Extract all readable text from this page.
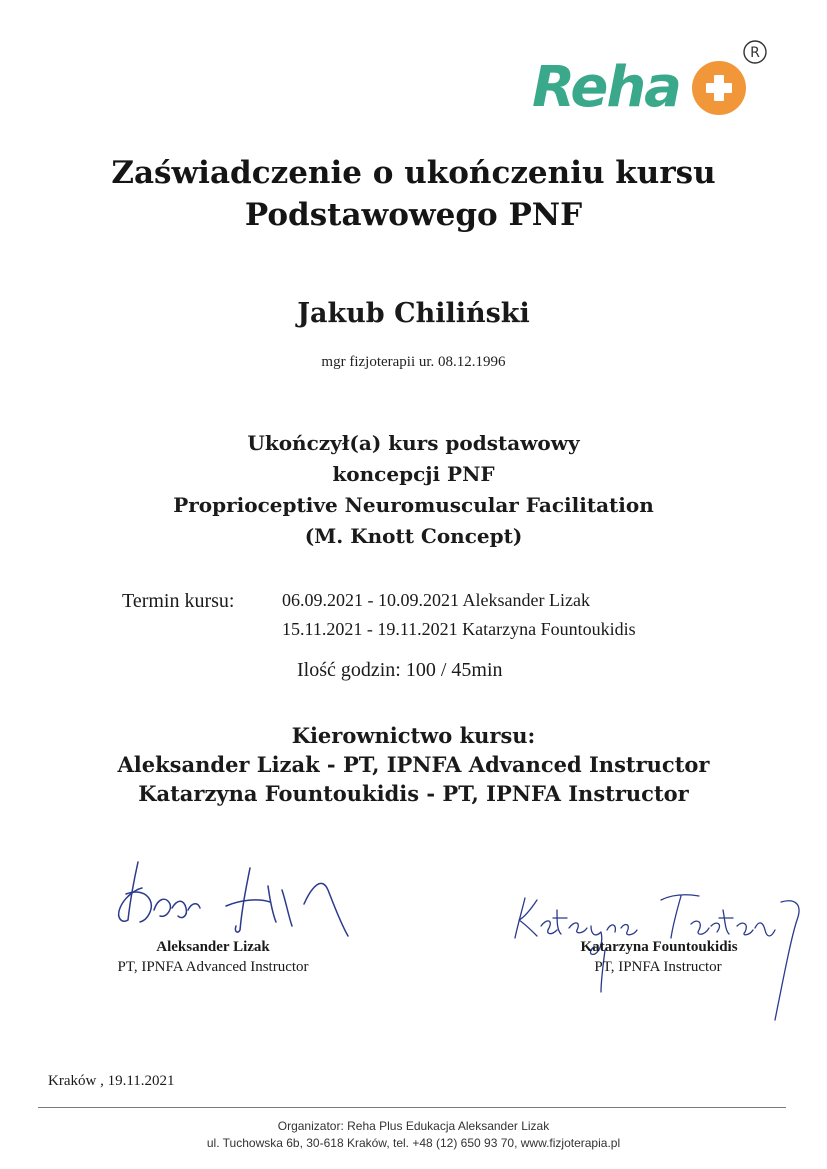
Reha
R
Zaświadczenie o ukończeniu kursu
Podstawowego PNF
Jakub Chiliński
mgr fizjoterapii ur. 08.12.1996
Ukończył(a) kurs podstawowy
koncepcji PNF
Proprioceptive Neuromuscular Facilitation
(M. Knott Concept)
Termin kursu:	06.09.2021 - 10.09.2021 Aleksander Lizak
15.11.2021 - 19.11.2021 Katarzyna Fountoukidis
Ilość godzin: 100 / 45min
Kierownictwo kursu:
Aleksander Lizak - PT, IPNFA Advanced Instructor
Katarzyna Fountoukidis - PT, IPNFA Instructor
Aleksander Lizak
PT, IPNFA Advanced Instructor
Katarzyna Fountoukidis
PT, IPNFA Instructor
Kraków , 19.11.2021
Organizator: Reha Plus Edukacja Aleksander Lizak
ul. Tuchowska 6b, 30-618 Kraków, tel. +48 (12) 650 93 70, www.fizjoterapia.pl
